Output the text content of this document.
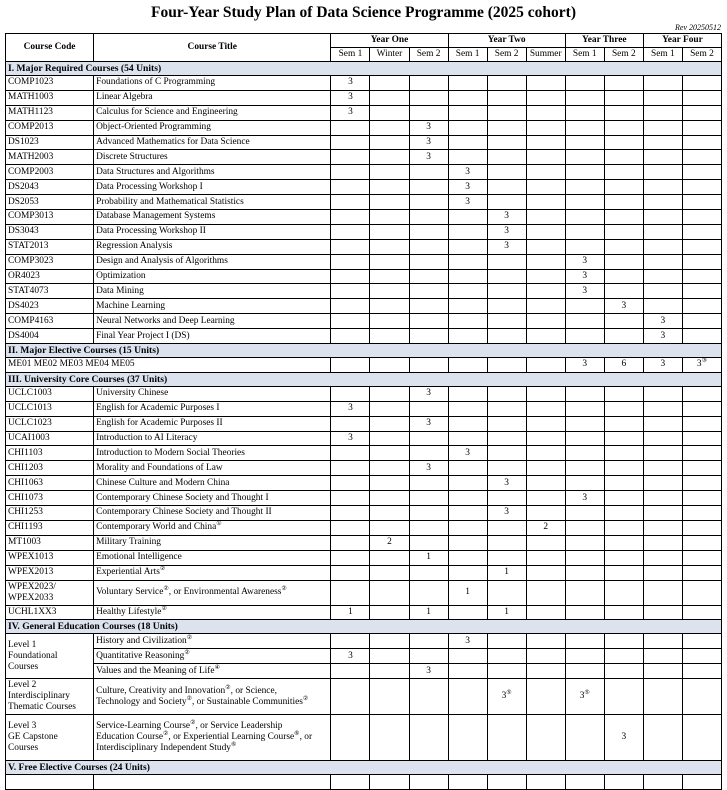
Four-Year Study Plan of Data Science Programme (2025 cohort)
Rev 20250512
Course Code	Course Title	Year One			Year Two			Year Three		Year Four	
		Sem 1	Winter	Sem 2	Sem 1	Sem 2	Summer	Sem 1	Sem 2	Sem 1	Sem 2
I. Major Required Courses (54 Units)											
COMP1023	Foundations of C Programming	3									
MATH1003	Linear Algebra	3									
MATH1123	Calculus for Science and Engineering	3									
COMP2013	Object-Oriented Programming			3							
DS1023	Advanced Mathematics for Data Science			3							
MATH2003	Discrete Structures			3							
COMP2003	Data Structures and Algorithms				3						
DS2043	Data Processing Workshop I				3						
DS2053	Probability and Mathematical Statistics				3						
COMP3013	Database Management Systems					3					
DS3043	Data Processing Workshop II					3					
STAT2013	Regression Analysis					3					
COMP3023	Design and Analysis of Algorithms							3			
OR4023	Optimization							3			
STAT4073	Data Mining							3			
DS4023	Machine Learning								3		
COMP4163	Neural Networks and Deep Learning									3	
DS4004	Final Year Project I (DS)									3	
II. Major Elective Courses (15 Units)											
ME01 ME02 ME03 ME04 ME05								3	6	3	3③
III. University Core Courses (37 Units)											
UCLC1003	University Chinese			3							
UCLC1013	English for Academic Purposes I	3									
UCLC1023	English for Academic Purposes II			3							
UCAI1003	Introduction to AI Literacy	3									
CHI1103	Introduction to Modern Social Theories				3						
CHI1203	Morality and Foundations of Law			3							
CHI1063	Chinese Culture and Modern China					3					
CHI1073	Contemporary Chinese Society and Thought I							3			
CHI1253	Contemporary Chinese Society and Thought II					3					
CHI1193	Contemporary World and China①						2				
MT1003	Military Training		2								
WPEX1013	Emotional Intelligence			1							
WPEX2013	Experiential Arts②					1					
WPEX2023/
WPEX2033	Voluntary Service②, or Environmental Awareness②				1						
UCHL1XX3	Healthy Lifestyle②	1		1		1					
IV. General Education Courses (18 Units)											
Level 1
Foundational
Courses	History and Civilization②				3						
	Quantitative Reasoning②	3									
	Values and the Meaning of Life④			3							
Level 2
Interdisciplinary
Thematic Courses	Culture, Creativity and Innovation②, or Science,
Technology and Society②, or Sustainable Communities②					3⑤		3⑤			
Level 3
GE Capstone
Courses	Service-Learning Course②, or Service Leadership
Education Course②, or Experiential Learning Course⑥, or
Interdisciplinary Independent Study⑥								3		
V. Free Elective Courses (24 Units)											
